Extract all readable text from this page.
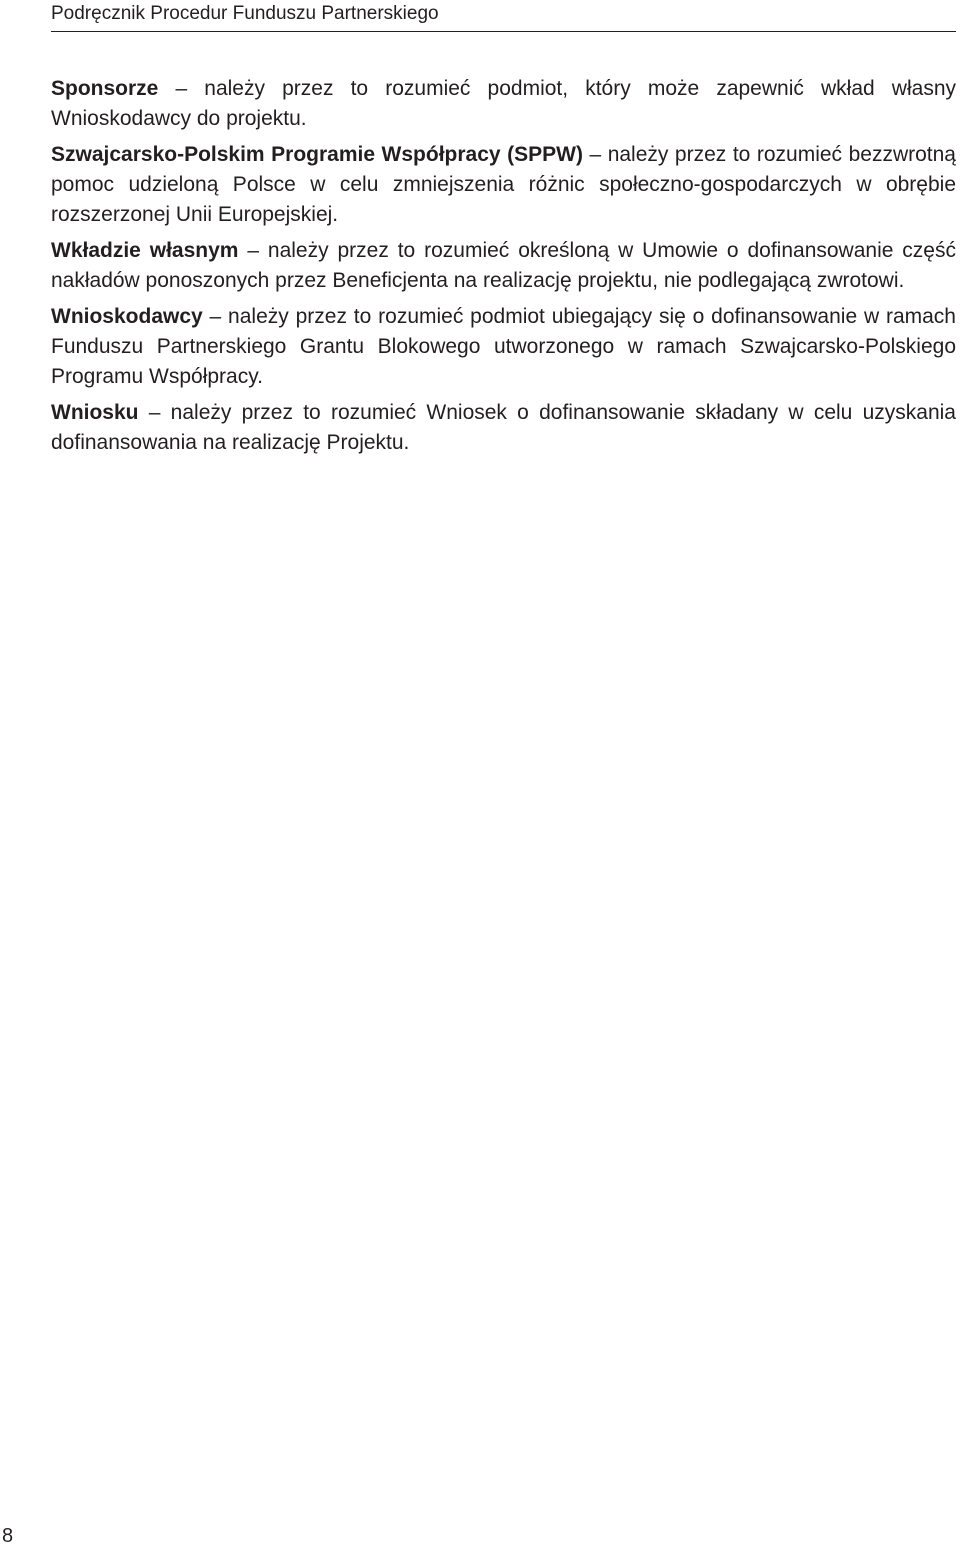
Podręcznik Procedur Funduszu Partnerskiego

Sponsorze – należy przez to rozumieć podmiot, który może zapewnić wkład własny Wnioskodawcy do projektu.

Szwajcarsko-Polskim Programie Współpracy (SPPW) – należy przez to rozumieć bezzwrotną pomoc udzieloną Polsce w celu zmniejszenia różnic społeczno-gospodarczych w obrębie rozszerzonej Unii Europejskiej.

Wkładzie własnym – należy przez to rozumieć określoną w Umowie o dofinansowanie część nakładów ponoszonych przez Beneficjenta na realizację projektu, nie podlegającą zwrotowi.

Wnioskodawcy – należy przez to rozumieć podmiot ubiegający się o dofinansowanie w ramach Funduszu Partnerskiego Grantu Blokowego utworzonego w ramach Szwajcarsko-Polskiego Programu Współpracy.

Wniosku – należy przez to rozumieć Wniosek o dofinansowanie składany w celu uzyskania dofinansowania na realizację Projektu.

8
